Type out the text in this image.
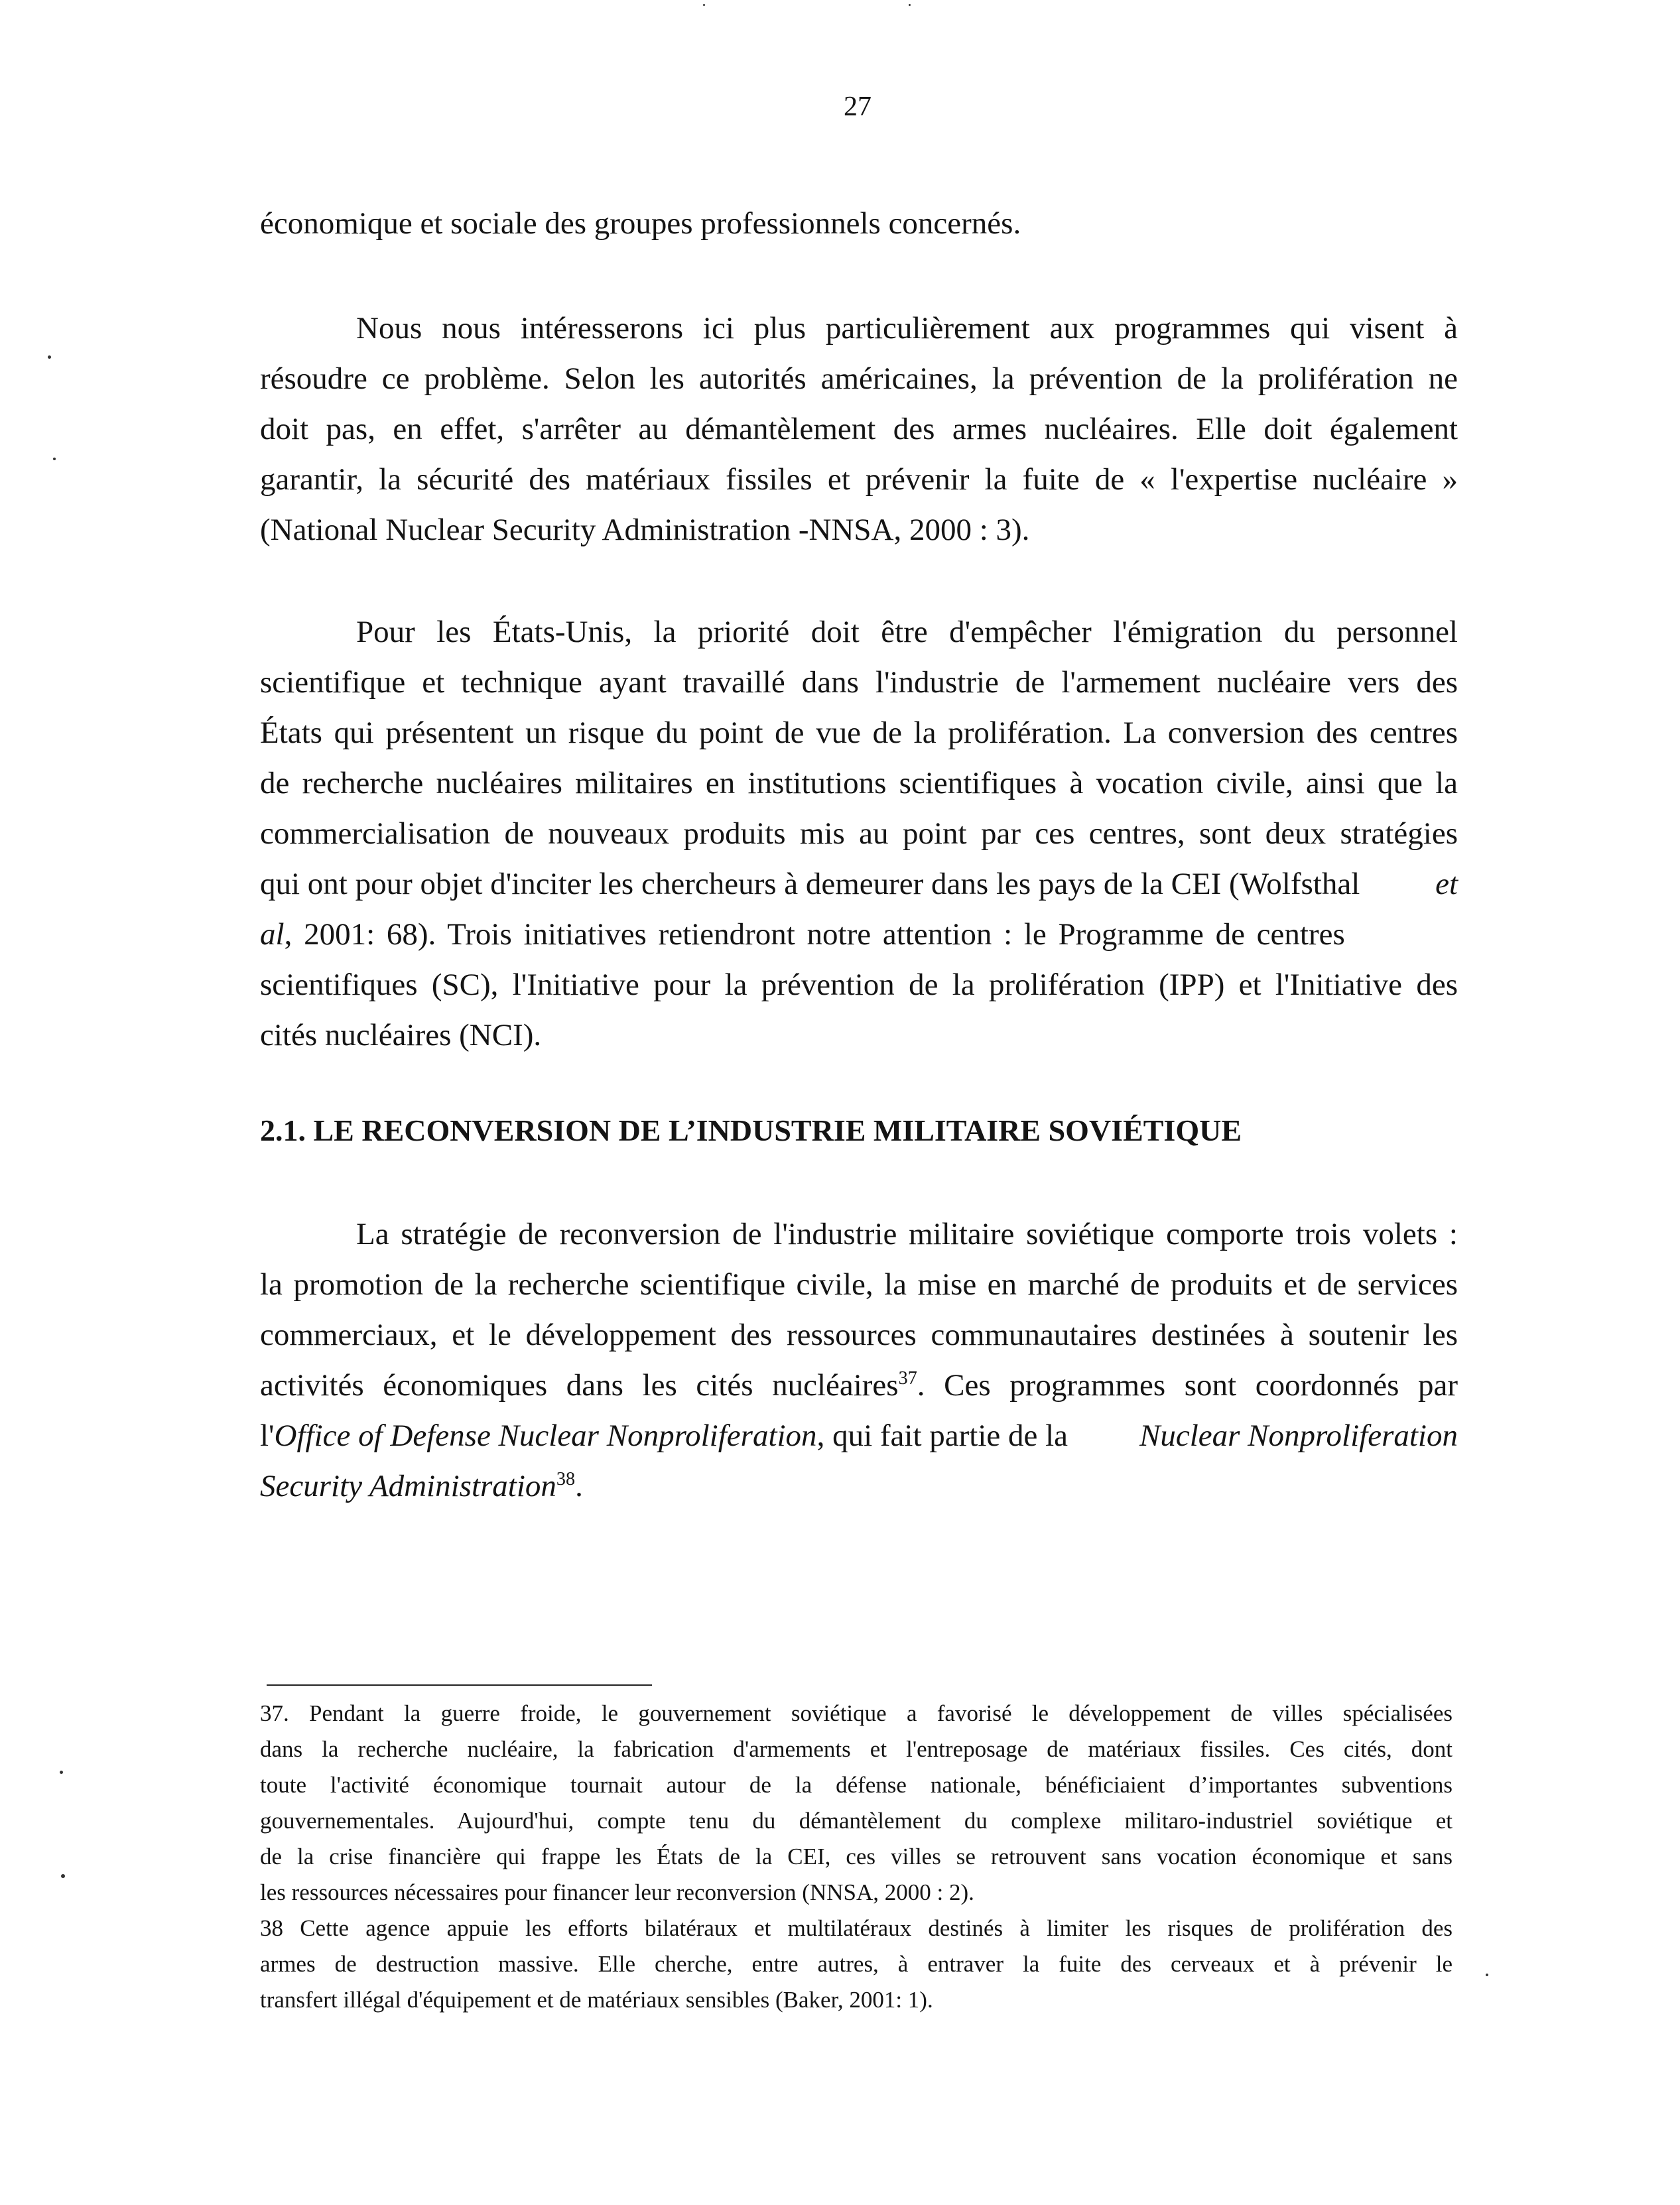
27
économique et sociale des groupes professionnels concernés.
Nous nous intéresserons ici plus particulièrement aux programmes qui visent à
résoudre ce problème. Selon les autorités américaines, la prévention de la prolifération ne
doit pas, en effet, s'arrêter au démantèlement des armes nucléaires. Elle doit également
garantir, la sécurité des matériaux fissiles et prévenir la fuite de « l'expertise nucléaire »
(National Nuclear Security Administration -NNSA, 2000 : 3).
Pour les États-Unis, la priorité doit être d'empêcher l'émigration du personnel
scientifique et technique ayant travaillé dans l'industrie de l'armement nucléaire vers des
États qui présentent un risque du point de vue de la prolifération. La conversion des centres
de recherche nucléaires militaires en institutions scientifiques à vocation civile, ainsi que la
commercialisation de nouveaux produits mis au point par ces centres, sont deux stratégies
qui ont pour objet d'inciter les chercheurs à demeurer dans les pays de la CEI (Wolfsthal et
al, 2001: 68). Trois initiatives retiendront notre attention : le Programme de centres
scientifiques (SC), l'Initiative pour la prévention de la prolifération (IPP) et l'Initiative des
cités nucléaires (NCI).
2.1. LE RECONVERSION DE L’INDUSTRIE MILITAIRE SOVIÉTIQUE
La stratégie de reconversion de l'industrie militaire soviétique comporte trois volets :
la promotion de la recherche scientifique civile, la mise en marché de produits et de services
commerciaux, et le développement des ressources communautaires destinées à soutenir les
activités économiques dans les cités nucléaires$^{37}$. Ces programmes sont coordonnés par
l'Office of Defense Nuclear Nonproliferation, qui fait partie de la Nuclear Nonproliferation
Security Administration$^{38}$.
37. Pendant la guerre froide, le gouvernement soviétique a favorisé le développement de villes spécialisées
dans la recherche nucléaire, la fabrication d'armements et l'entreposage de matériaux fissiles. Ces cités, dont
toute l'activité économique tournait autour de la défense nationale, bénéficiaient d’importantes subventions
gouvernementales. Aujourd'hui, compte tenu du démantèlement du complexe militaro-industriel soviétique et
de la crise financière qui frappe les États de la CEI, ces villes se retrouvent sans vocation économique et sans
les ressources nécessaires pour financer leur reconversion (NNSA, 2000 : 2).
38 Cette agence appuie les efforts bilatéraux et multilatéraux destinés à limiter les risques de prolifération des
armes de destruction massive. Elle cherche, entre autres, à entraver la fuite des cerveaux et à prévenir le
transfert illégal d'équipement et de matériaux sensibles (Baker, 2001: 1).
